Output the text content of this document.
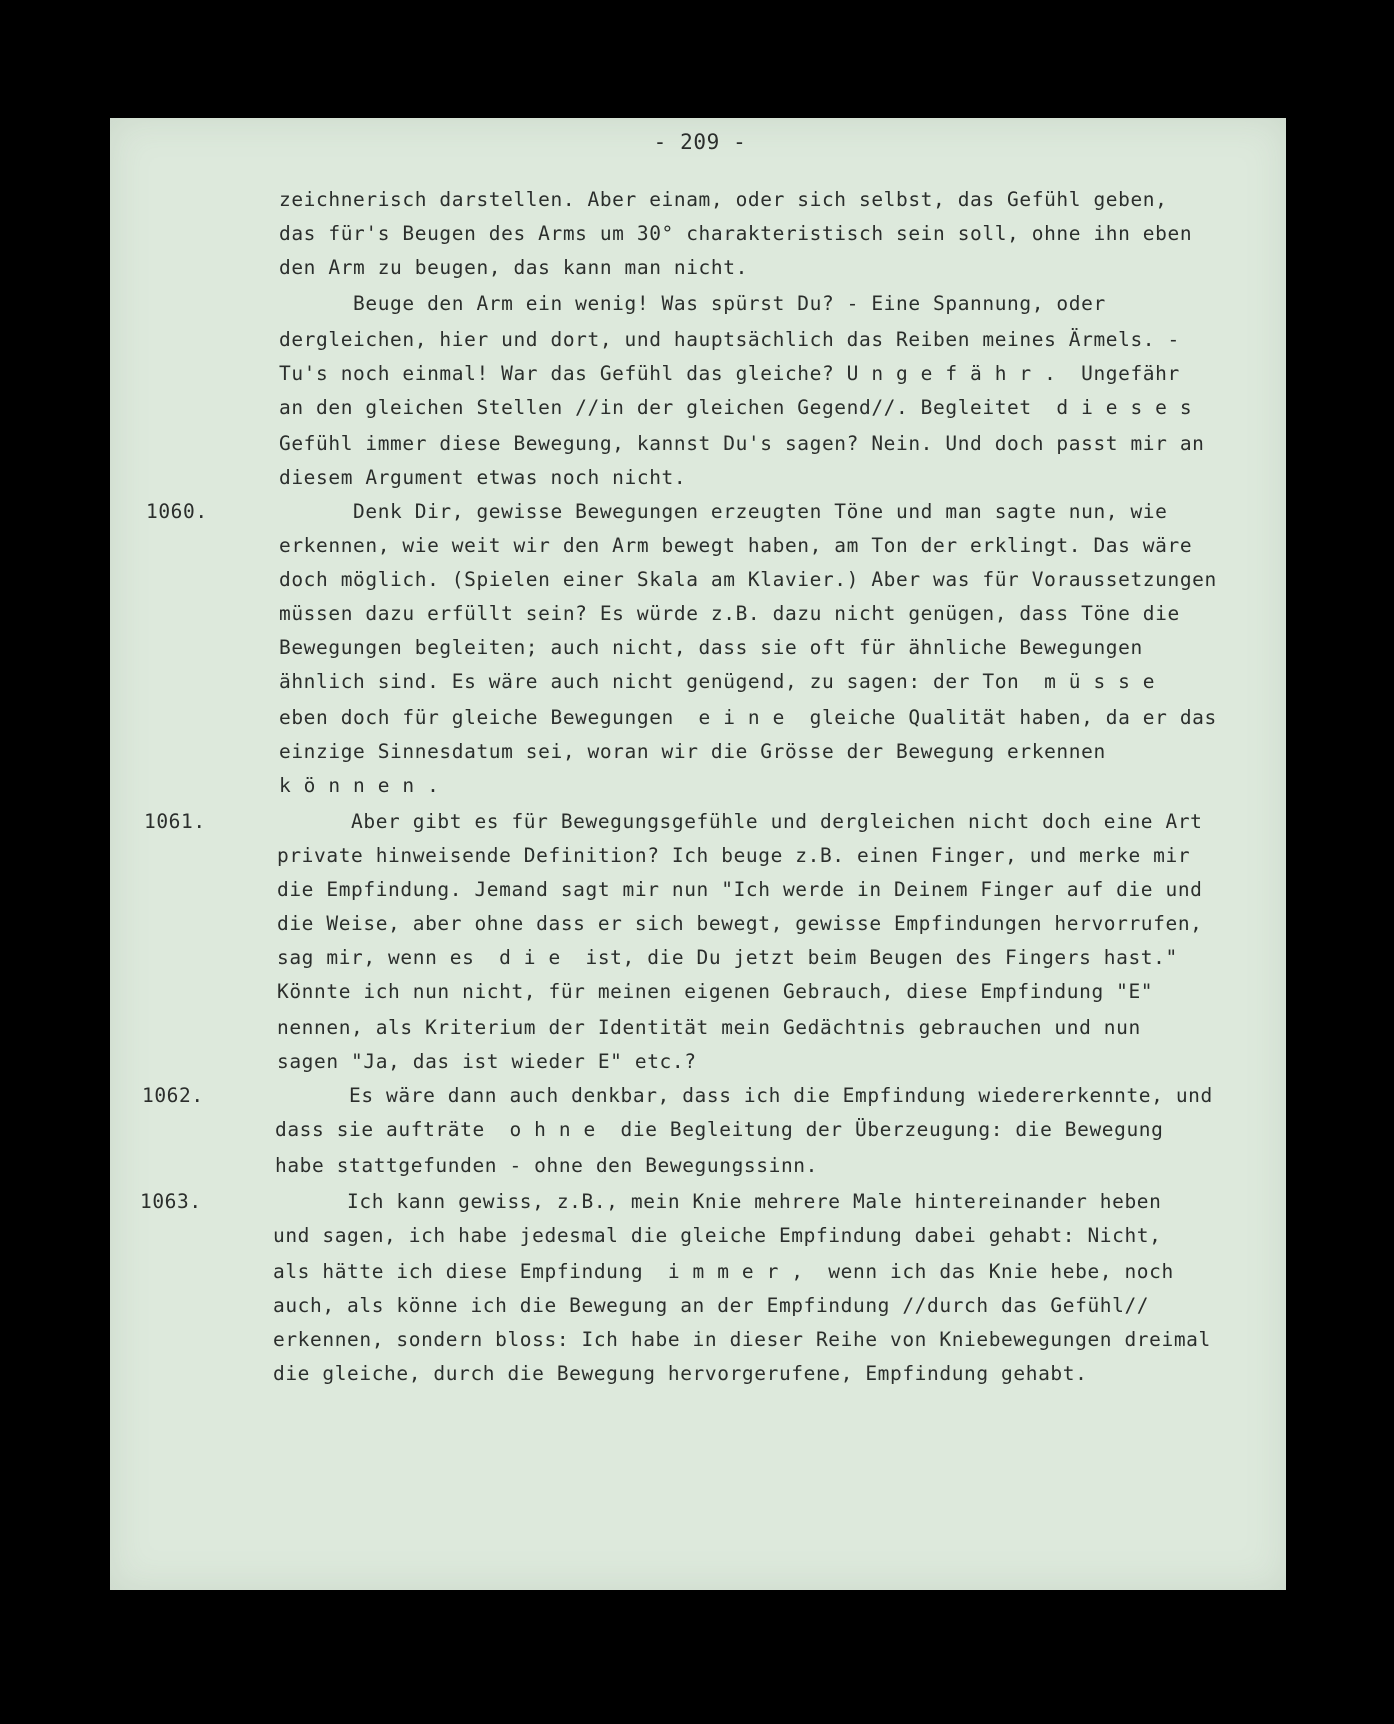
- 209 -
zeichnerisch darstellen. Aber einam, oder sich selbst, das Gefühl geben,
das für's Beugen des Arms um 30° charakteristisch sein soll, ohne ihn eben
den Arm zu beugen, das kann man nicht.
Beuge den Arm ein wenig! Was spürst Du? - Eine Spannung, oder
dergleichen, hier und dort, und hauptsächlich das Reiben meines Ärmels. -
Tu's noch einmal! War das Gefühl das gleiche? U n g e f ä h r .  Ungefähr
an den gleichen Stellen //in der gleichen Gegend//. Begleitet  d i e s e s
Gefühl immer diese Bewegung, kannst Du's sagen? Nein. Und doch passt mir an
diesem Argument etwas noch nicht.
1060.	Denk Dir, gewisse Bewegungen erzeugten Töne und man sagte nun, wie
erkennen, wie weit wir den Arm bewegt haben, am Ton der erklingt. Das wäre
doch möglich. (Spielen einer Skala am Klavier.) Aber was für Voraussetzungen
müssen dazu erfüllt sein? Es würde z.B. dazu nicht genügen, dass Töne die
Bewegungen begleiten; auch nicht, dass sie oft für ähnliche Bewegungen
ähnlich sind. Es wäre auch nicht genügend, zu sagen: der Ton  m ü s s e
eben doch für gleiche Bewegungen  e i n e  gleiche Qualität haben, da er das
einzige Sinnesdatum sei, woran wir die Grösse der Bewegung erkennen
k ö n n e n .
1061.	Aber gibt es für Bewegungsgefühle und dergleichen nicht doch eine Art
private hinweisende Definition? Ich beuge z.B. einen Finger, und merke mir
die Empfindung. Jemand sagt mir nun "Ich werde in Deinem Finger auf die und
die Weise, aber ohne dass er sich bewegt, gewisse Empfindungen hervorrufen,
sag mir, wenn es  d i e  ist, die Du jetzt beim Beugen des Fingers hast."
Könnte ich nun nicht, für meinen eigenen Gebrauch, diese Empfindung "E"
nennen, als Kriterium der Identität mein Gedächtnis gebrauchen und nun
sagen "Ja, das ist wieder E" etc.?
1062.	Es wäre dann auch denkbar, dass ich die Empfindung wiedererkennte, und
dass sie aufträte  o h n e  die Begleitung der Überzeugung: die Bewegung
habe stattgefunden - ohne den Bewegungssinn.
1063.	Ich kann gewiss, z.B., mein Knie mehrere Male hintereinander heben
und sagen, ich habe jedesmal die gleiche Empfindung dabei gehabt: Nicht,
als hätte ich diese Empfindung  i m m e r ,  wenn ich das Knie hebe, noch
auch, als könne ich die Bewegung an der Empfindung //durch das Gefühl//
erkennen, sondern bloss: Ich habe in dieser Reihe von Kniebewegungen dreimal
die gleiche, durch die Bewegung hervorgerufene, Empfindung gehabt.
